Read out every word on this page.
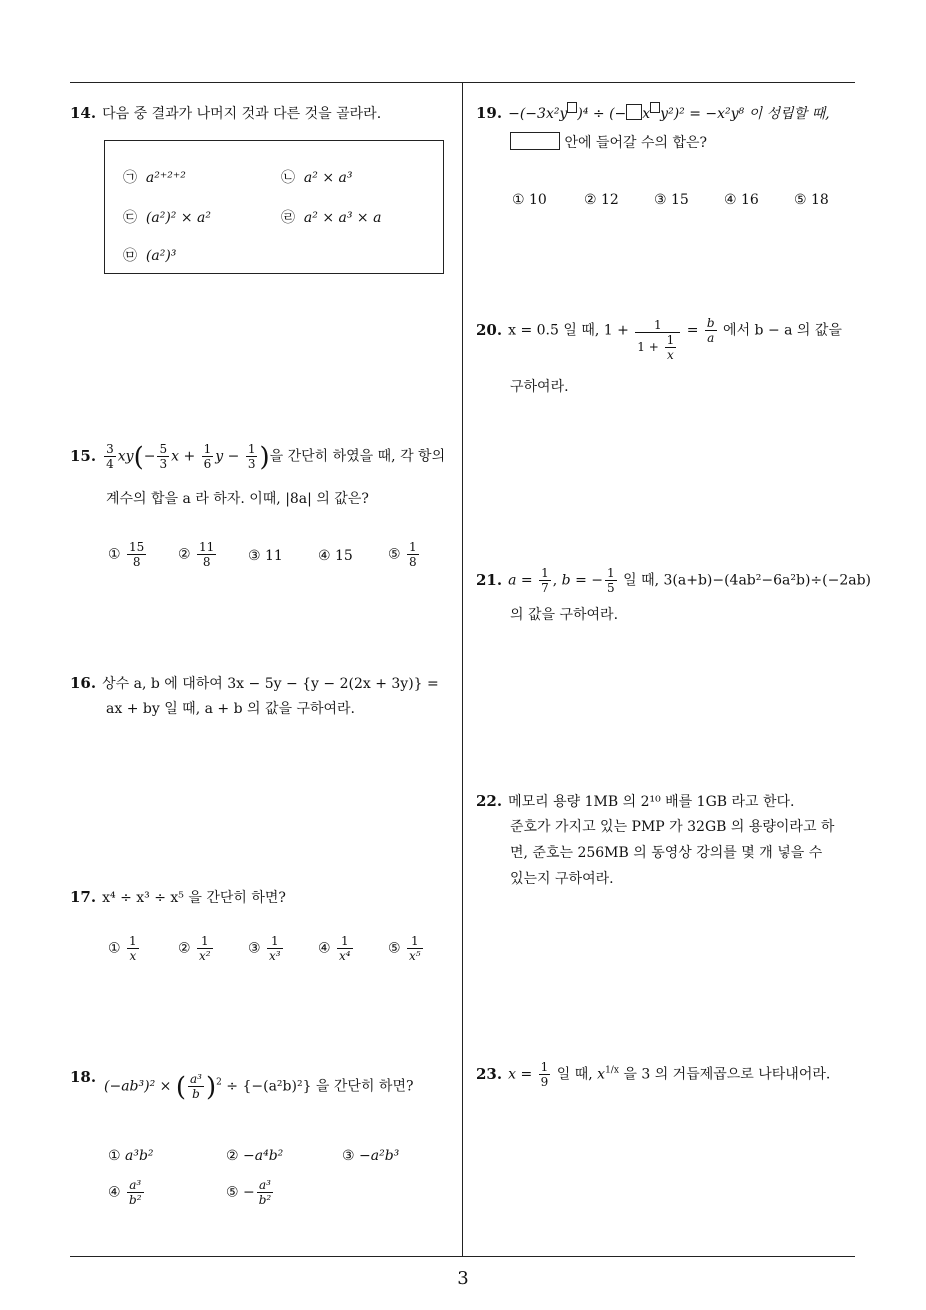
3
14. 다음 중 결과가 나머지 것과 다른 것을 골라라.
㉠ a²⁺²⁺²	㉡ a² × a³
㉢ (a²)² × a²	㉣ a² × a³ × a
㉤ (a²)³
15. $\frac{3}{4} xy(- \frac{5}{3}$ $x + \frac{1}{6}$ $y - \frac{1}{3}$ )을 간단히 하였을 때, 각 항의
계수의 합을 a 라 하자. 이때, |8a| 의 값은?
① $\frac{15}{8}$ ② $\frac{11}{8}$ ③ 11	④ 15	⑤ $\frac{1}{8}$
16. 상수 a, b 에 대하여 3x − 5y − {y − 2(2x + 3y)} =
ax + by 일 때, a + b 의 값을 구하여라.
17. x⁴ ÷ x³ ÷ x⁵ 을 간단히 하면?
① $\frac{1}{x}$	② $\frac{1}{\text{x²}}$	③ $\frac{1}{\text{x³}}$	④ $\frac{1}{\text{x⁴}}$	⑤ $\frac{1}{\text{x⁵}}$
18.
(−ab³)² × ( $\frac{\text{a³}}{b} )^2 \div \{-(a^2b)^2\}$ 을 간단히 하면?
① a³b²	② −a⁴b²	③ −a²b³
④ $\frac{\text{a³}}{\text{b²}}$	⑤ − $\frac{\text{a³}}{\text{b²}}$
19. −(−3x²y )⁴ ÷ (− x y²)² = −x²y⁸ 이 성립할 때,
안에 들어갈 수의 합은?
① 10	② 12	③ 15	④ 16	⑤ 18
20. x = 0.5̇ 일 때, $1 + \frac{1}{1 + \frac{1}{x}} = \frac{b}{a}$ 에서 b − a 의 값을
구하여라.
21. $a = \frac{1}{7}$ , b = − $\frac{1}{5}$ 일 때, 3(a+b)−(4ab²−6a²b)÷(−2ab)
의 값을 구하여라.
22. 메모리 용량 1MB 의 2¹⁰ 배를 1GB 라고 한다.
준호가 가지고 있는 PMP 가 32GB 의 용량이라고 하
면, 준호는 256MB 의 동영상 강의를 몇 개 넣을 수
있는지 구하여라.
23. $x = \frac{1}{9}$ 일 때, $x^{1/x}$ 을 3 의 거듭제곱으로 나타내어라.
